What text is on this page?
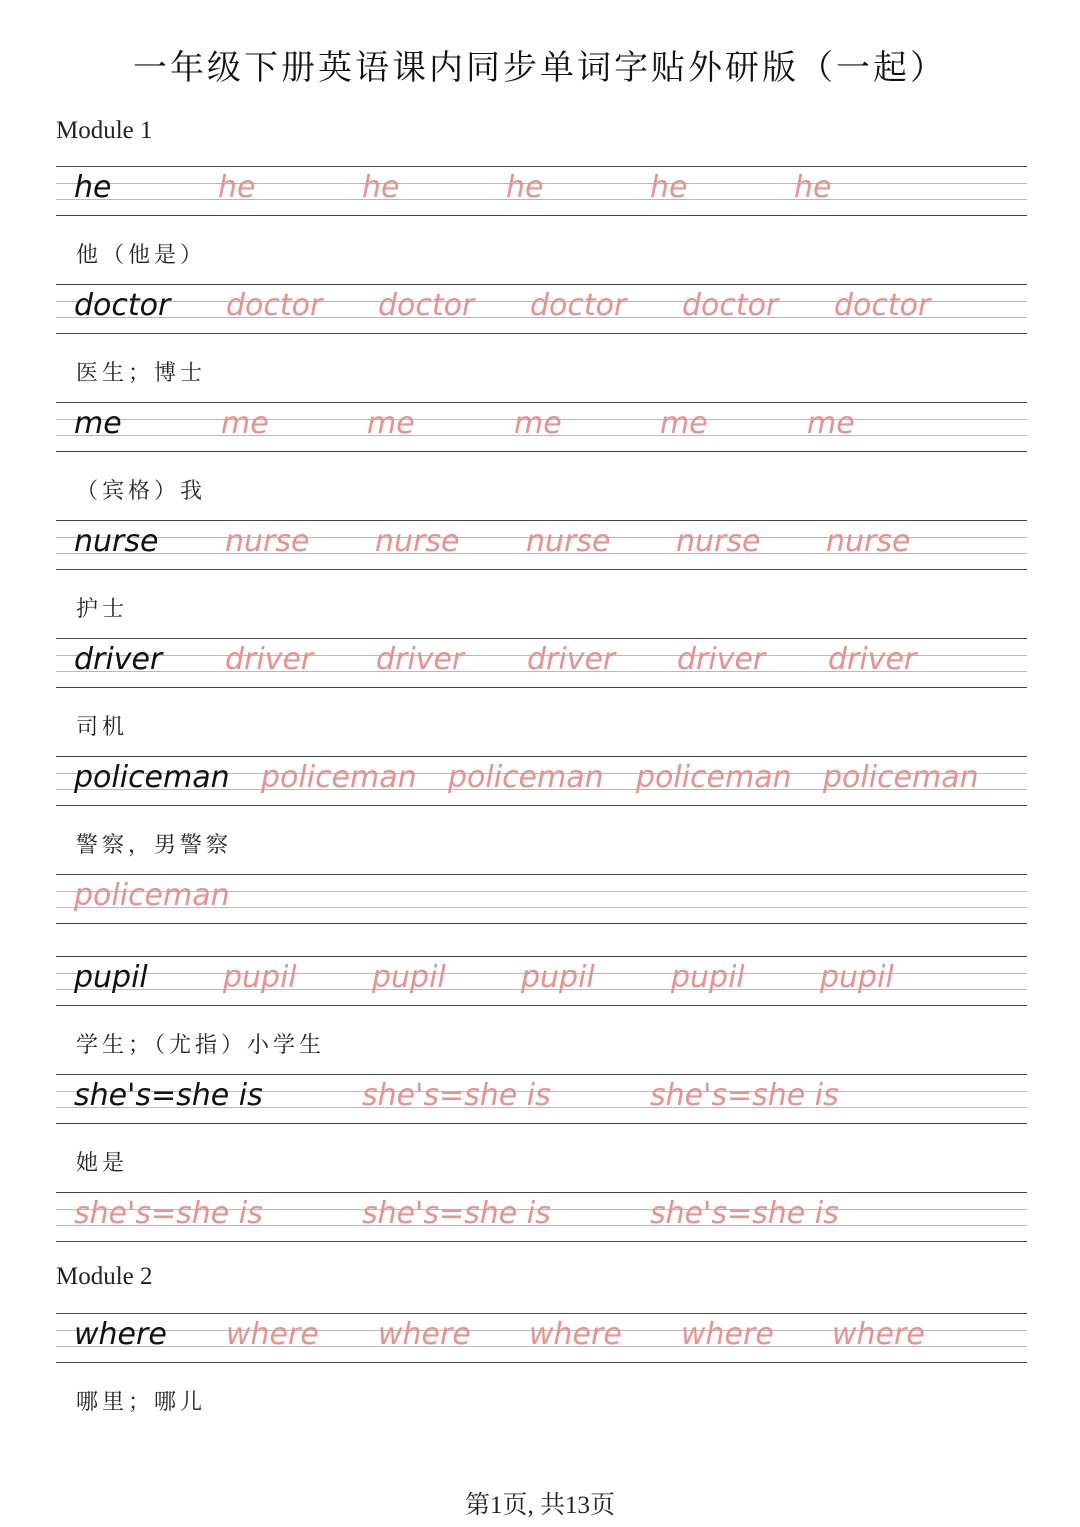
一年级下册英语课内同步单词字贴外研版（一起）
Module 1
he	he	he	he	he	he
他（他是）
doctor doctor doctor doctor doctor doctor
医生；博士
me	me	me	me	me	me
（宾格）我
nurse nurse nurse nurse nurse nurse
护士
driver driver driver driver driver driver
司机
policeman policeman policeman policeman policeman
警察，男警察
policeman
pupil	pupil	pupil	pupil	pupil	pupil
学生；（尤指）小学生
she's=she is	she's=she is	she's=she is
她是
she's=she is	she's=she is	she's=she is
Module 2
where where where where where where
哪里；哪儿
第1页, 共13页
